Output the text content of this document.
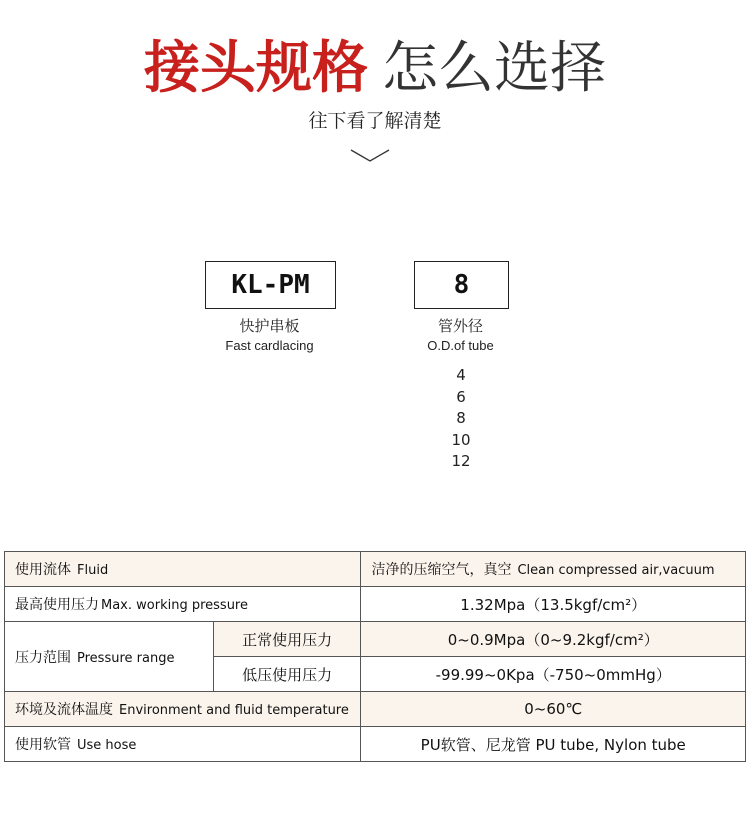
接头规格 怎么选择
往下看了解清楚
KL-PM
快护串板
Fast cardlacing
8
管外径
O.D.of tube
4
6
8
10
12
使用流体 Fluid		洁净的压缩空气，真空 Clean compressed air,vacuum
最高使用压力 Max. working pressure		1.32Mpa（13.5kgf/cm²）
压力范围 Pressure range	正常使用压力	0~0.9Mpa（0~9.2kgf/cm²）
	低压使用压力	-99.99~0Kpa（-750~0mmHg）
环境及流体温度 Environment and fluid temperature		0~60℃
使用软管 Use hose		PU软管、尼龙管 PU tube, Nylon tube
